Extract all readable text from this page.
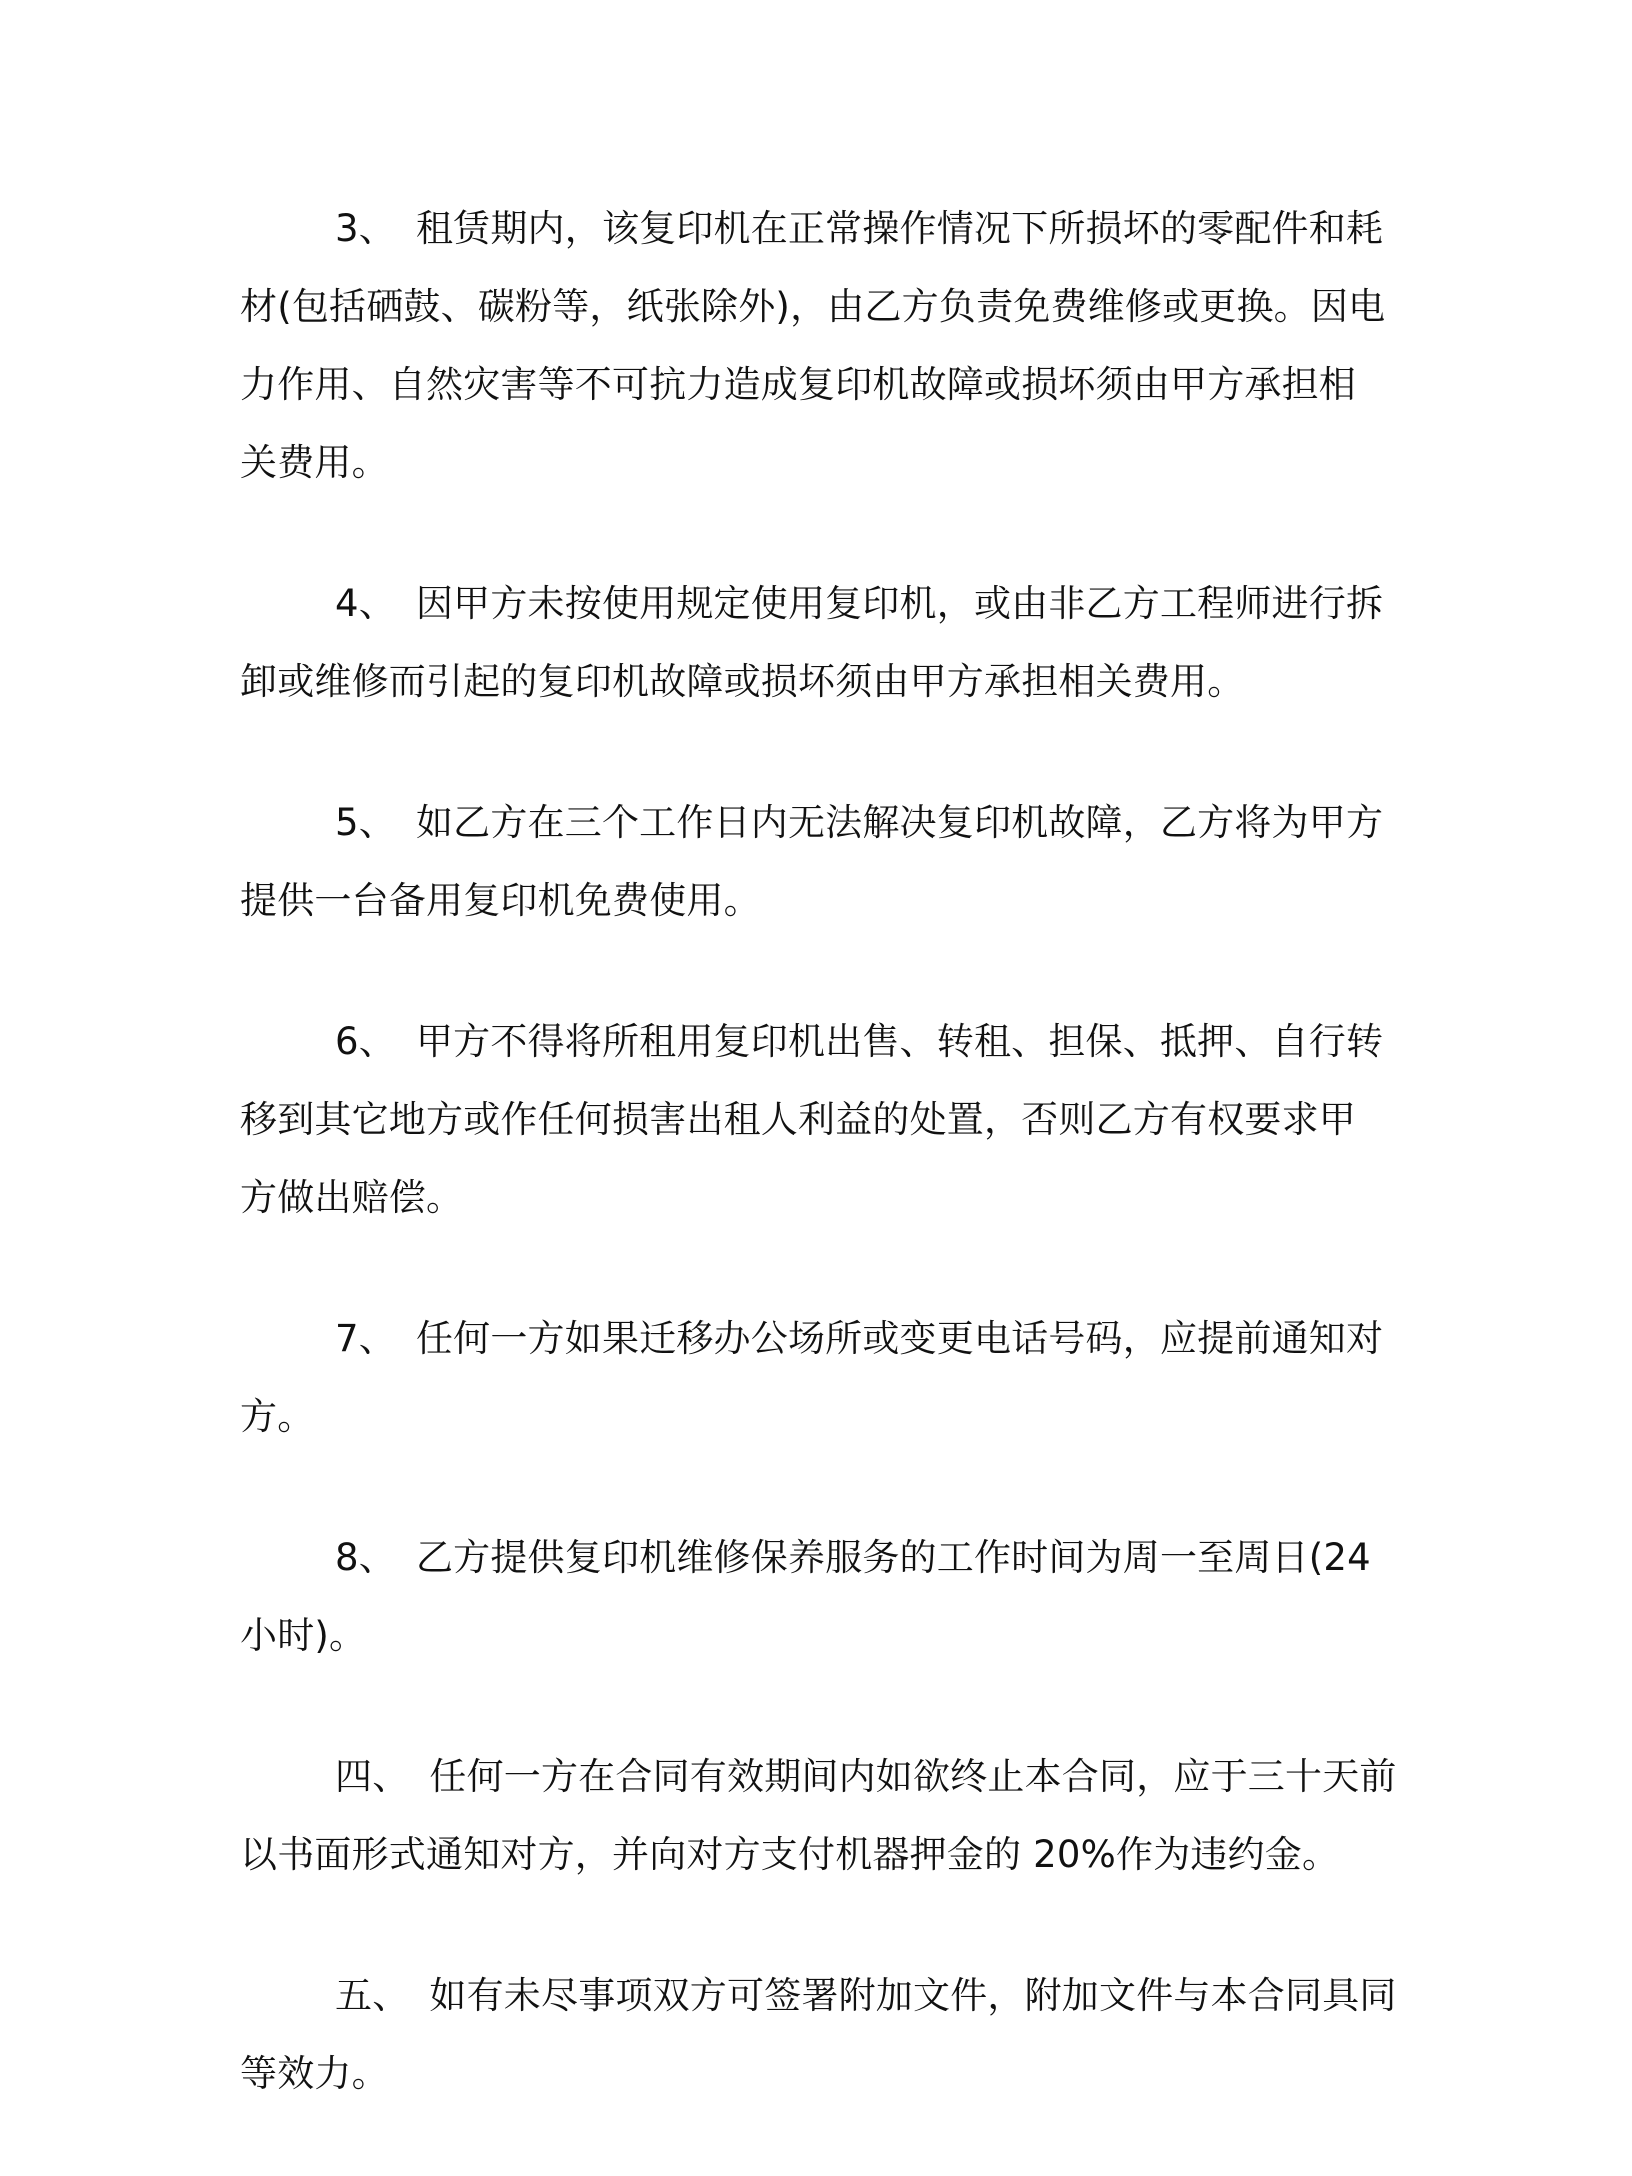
3、 租赁期内，该复印机在正常操作情况下所损坏的零配件和耗
材(包括硒鼓、碳粉等，纸张除外)，由乙方负责免费维修或更换。因电
力作用、自然灾害等不可抗力造成复印机故障或损坏须由甲方承担相
关费用。
4、 因甲方未按使用规定使用复印机，或由非乙方工程师进行拆
卸或维修而引起的复印机故障或损坏须由甲方承担相关费用。
5、 如乙方在三个工作日内无法解决复印机故障，乙方将为甲方
提供一台备用复印机免费使用。
6、 甲方不得将所租用复印机出售、转租、担保、抵押、自行转
移到其它地方或作任何损害出租人利益的处置，否则乙方有权要求甲
方做出赔偿。
7、 任何一方如果迁移办公场所或变更电话号码，应提前通知对
方。
8、 乙方提供复印机维修保养服务的工作时间为周一至周日(24
小时)。
四、 任何一方在合同有效期间内如欲终止本合同，应于三十天前
以书面形式通知对方，并向对方支付机器押金的 20%作为违约金。
五、 如有未尽事项双方可签署附加文件，附加文件与本合同具同
等效力。
